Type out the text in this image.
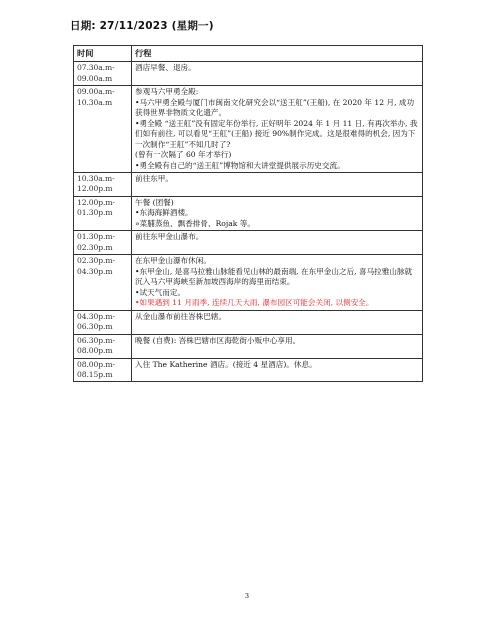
日期: 27/11/2023 (星期一)
时间	行程

07.30a.m-
09.00a.m	酒店早餐、退房。

09.00a.m-
10.30a.m	参观马六甲勇全殿:
•马六甲勇全殿与厦门市闽南文化研究会以“送王舡”(王船), 在 2020 年 12 月, 成功获得世界非物质文化遗产。
•勇全殿 “送王舡”没有固定年份举行, 正好明年 2024 年 1 月 11 日, 有再次举办, 我们如有前往, 可以看见“王舡”(王船) 接近 90%制作完成。这是很难得的机会, 因为下一次制作“王舡”不知几时了?
(曾有一次隔了 60 年才举行)
•勇全殿有自己的“送王舡”博物馆和大讲堂提供展示历史交流。

10.30a.m-
12.00p.m	前往东甲。

12.00p.m-
01.30p.m	午餐 (团餐)
•东海海鲜酒楼。
»菜脯蒸鱼、飘香排骨、Rojak 等。

01.30p.m-
02.30p.m	前往东甲金山瀑布。

02.30p.m-
04.30p.m	在东甲金山瀑布休闲。
•东甲金山, 是喜马拉雅山脉能看见山林的最南端, 在东甲金山之后, 喜马拉雅山脉就沉入马六甲海峡至新加坡西海岸的海里而结束。
•试天气而定。
•如果遇到 11 月雨季, 连续几天大雨, 瀑布园区可能会关闭, 以侧安全。

04.30p.m-
06.30p.m	从金山瀑布前往峇株巴辖。

06.30p.m-
08.00p.m	晚餐 (自费): 峇株巴辖市区海乾街小贩中心享用。

08.00p.m-
08.15p.m	入住 The Katherine 酒店。(接近 4 星酒店)。休息。
3
